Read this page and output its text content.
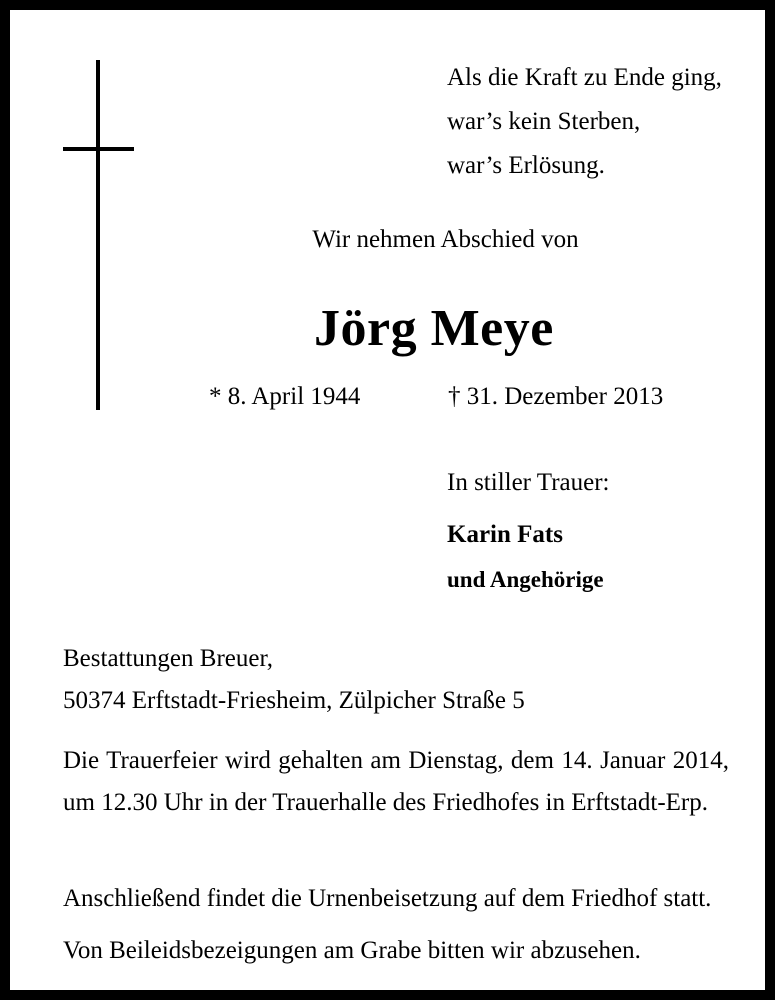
Als die Kraft zu Ende ging,
war’s kein Sterben,
war’s Erlösung.
Wir nehmen Abschied von
Jörg Meye
* 8. April 1944	† 31. Dezember 2013
In stiller Trauer:
Karin Fats
und Angehörige
Bestattungen Breuer,
50374 Erftstadt-Friesheim, Zülpicher Straße 5
Die Trauerfeier wird gehalten am Dienstag, dem 14. Januar 2014, um 12.30 Uhr in der Trauerhalle des Friedhofes in Erftstadt-Erp.
Anschließend findet die Urnenbeisetzung auf dem Friedhof statt.
Von Beileidsbezeigungen am Grabe bitten wir abzusehen.
